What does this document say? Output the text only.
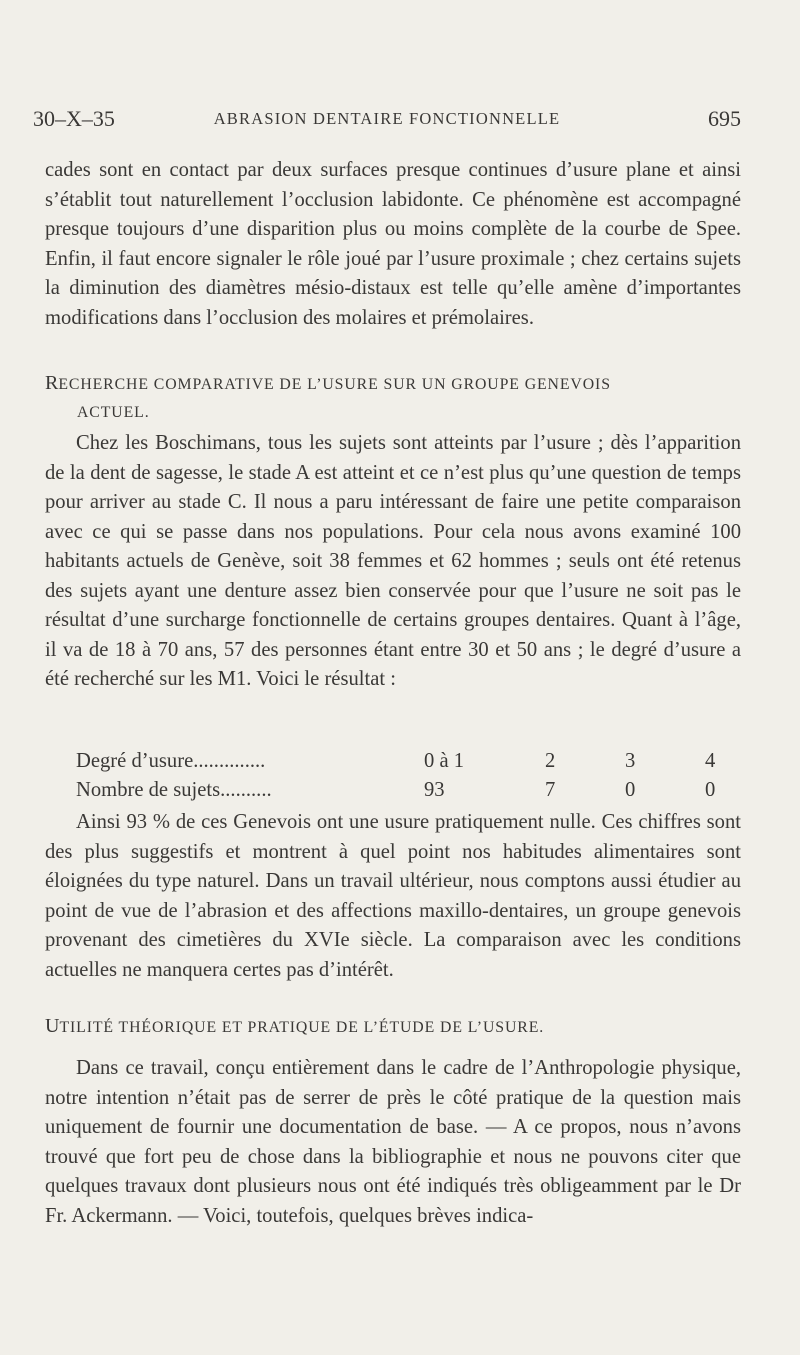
30–X–35	ABRASION DENTAIRE FONCTIONNELLE	695

cades sont en contact par deux surfaces presque continues d’usure plane et ainsi s’établit tout naturellement l’occlusion labidonte. Ce phénomène est accompagné presque toujours d’une disparition plus ou moins complète de la courbe de Spee. Enfin, il faut encore signaler le rôle joué par l’usure proximale ; chez certains sujets la diminution des diamètres mésio-distaux est telle qu’elle amène d’importantes modifications dans l’occlusion des molaires et prémolaires.

RECHERCHE COMPARATIVE DE L’USURE SUR UN GROUPE GENEVOIS
ACTUEL.

Chez les Boschimans, tous les sujets sont atteints par l’usure ; dès l’apparition de la dent de sagesse, le stade A est atteint et ce n’est plus qu’une question de temps pour arriver au stade C. Il nous a paru intéressant de faire une petite comparaison avec ce qui se passe dans nos populations. Pour cela nous avons examiné 100 habitants actuels de Genève, soit 38 femmes et 62 hommes ; seuls ont été retenus des sujets ayant une denture assez bien conservée pour que l’usure ne soit pas le résultat d’une surcharge fonctionnelle de certains groupes dentaires. Quant à l’âge, il va de 18 à 70 ans, 57 des personnes étant entre 30 et 50 ans ; le degré d’usure a été recherché sur les M1. Voici le résultat :

Degré d’usure..............	0 à 1	2	3	4
Nombre de sujets..........	93	7	0	0

Ainsi 93 % de ces Genevois ont une usure pratiquement nulle. Ces chiffres sont des plus suggestifs et montrent à quel point nos habitudes alimentaires sont éloignées du type naturel. Dans un travail ultérieur, nous comptons aussi étudier au point de vue de l’abrasion et des affections maxillo-dentaires, un groupe genevois provenant des cimetières du XVIe siècle. La comparaison avec les conditions actuelles ne manquera certes pas d’intérêt.

UTILITÉ THÉORIQUE ET PRATIQUE DE L’ÉTUDE DE L’USURE.

Dans ce travail, conçu entièrement dans le cadre de l’Anthropologie physique, notre intention n’était pas de serrer de près le côté pratique de la question mais uniquement de fournir une documentation de base. — A ce propos, nous n’avons trouvé que fort peu de chose dans la bibliographie et nous ne pouvons citer que quelques travaux dont plusieurs nous ont été indiqués très obligeamment par le Dr Fr. Ackermann. — Voici, toutefois, quelques brèves indica-
